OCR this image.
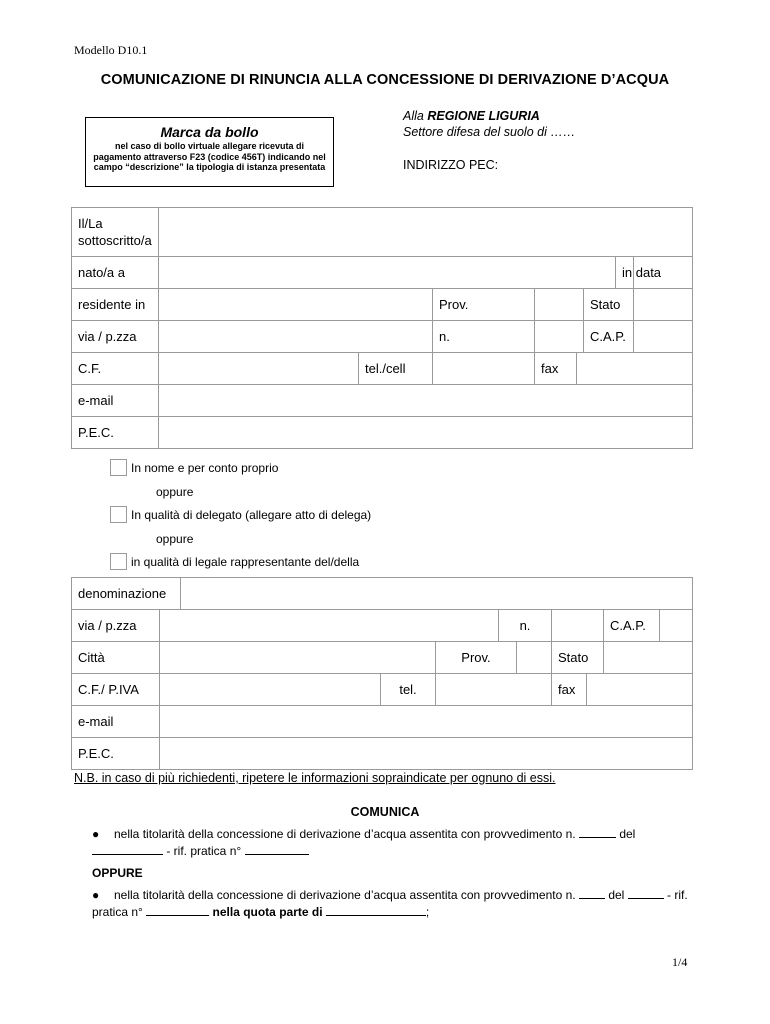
Modello D10.1
COMUNICAZIONE DI RINUNCIA ALLA CONCESSIONE DI DERIVAZIONE D’ACQUA
Marca da bollo
nel caso di bollo virtuale allegare ricevuta di pagamento attraverso F23 (codice 456T) indicando nel campo “descrizione” la tipologia di istanza presentata
Alla REGIONE LIGURIA
Settore difesa del suolo di ……
INDIRIZZO PEC:
Il/La sottoscritto/a								
nato/a a							in data	
residente in			Prov.			Stato		
via / p.zza			n.			C.A.P.		
C.F.		tel./cell		fax				
e-mail								
P.E.C.								
In nome e per conto proprio
oppure
In qualità di delegato (allegare atto di delega)
oppure
in qualità di legale rappresentante del/della
denominazione										
via / p.zza					n.				C.A.P.	
Città				Prov.			Stato			
C.F./ P.IVA			tel.				fax			
e-mail										
P.E.C.										
N.B. in caso di più richiedenti, ripetere le informazioni sopraindicate per ognuno di essi.
COMUNICA
● nella titolarità della concessione di derivazione d’acqua assentita con provvedimento n.	del
- rif. pratica n°
OPPURE
● nella titolarità della concessione di derivazione d’acqua assentita con provvedimento n.	del	- rif.
pratica n°	nella quota parte di	;
1/4
